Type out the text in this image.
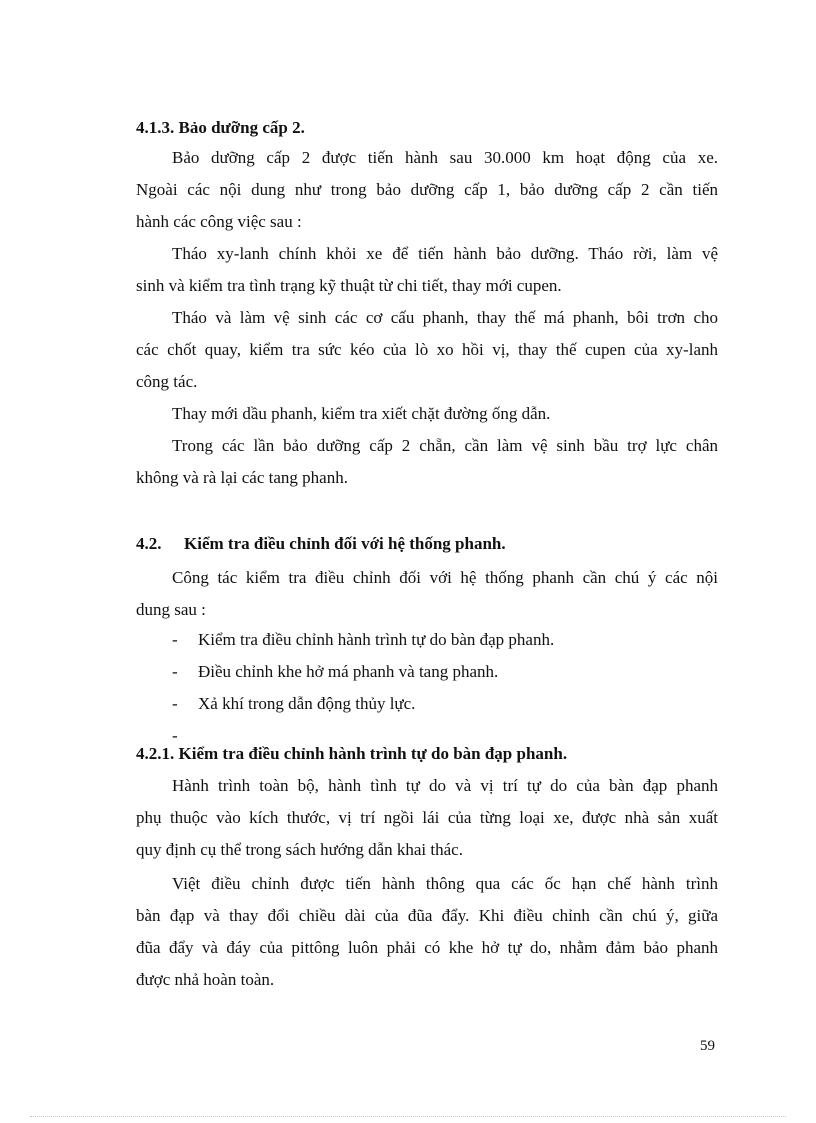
4.1.3. Bảo dưỡng cấp 2.

Bảo dưỡng cấp 2 được tiến hành sau 30.000 km hoạt động của xe.

Ngoài các nội dung như trong bảo dưỡng cấp 1, bảo dưỡng cấp 2 cần tiến

hành các công việc sau :

Tháo xy-lanh chính khỏi xe để tiến hành bảo dưỡng. Tháo rời, làm vệ

sinh và kiểm tra tình trạng kỹ thuật từ chi tiết, thay mới cupen.

Tháo và làm vệ sinh các cơ cấu phanh, thay thế má phanh, bôi trơn cho

các chốt quay, kiểm tra sức kéo của lò xo hồi vị, thay thế cupen của xy-lanh

công tác.

Thay mới dầu phanh, kiểm tra xiết chặt đường ống dẫn.

Trong các lần bảo dưỡng cấp 2 chẵn, cần làm vệ sinh bầu trợ lực chân

không và rà lại các tang phanh.

4.2. Kiểm tra điều chỉnh đối với hệ thống phanh.

Công tác kiểm tra điều chỉnh đối với hệ thống phanh cần chú ý các nội

dung sau :

- Kiểm tra điều chỉnh hành trình tự do bàn đạp phanh.
- Điều chỉnh khe hở má phanh và tang phanh.
- Xả khí trong dẫn động thủy lực.

-

4.2.1. Kiểm tra điều chỉnh hành trình tự do bàn đạp phanh.

Hành trình toàn bộ, hành tình tự do và vị trí tự do của bàn đạp phanh

phụ thuộc vào kích thước, vị trí ngồi lái của từng loại xe, được nhà sản xuất

quy định cụ thể trong sách hướng dẫn khai thác.

Việt điều chỉnh được tiến hành thông qua các ốc hạn chế hành trình

bàn đạp và thay đổi chiều dài của đũa đẩy. Khi điều chỉnh cần chú ý, giữa

đũa đẩy và đáy của pittông luôn phải có khe hở tự do, nhằm đảm bảo phanh

được nhả hoàn toàn.

59
